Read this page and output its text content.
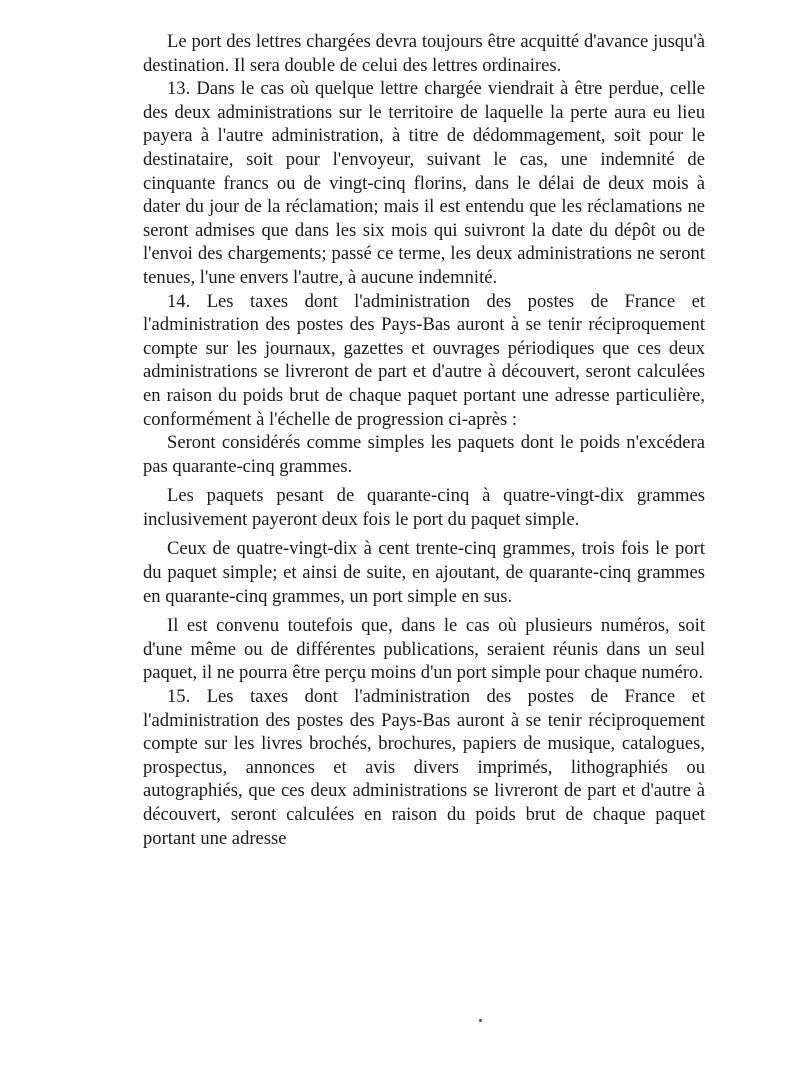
Le port des lettres chargées devra toujours être acquitté d'avance jusqu'à destination. Il sera double de celui des lettres ordinaires.

13. Dans le cas où quelque lettre chargée viendrait à être perdue, celle des deux administrations sur le territoire de laquelle la perte aura eu lieu payera à l'autre administration, à titre de dédommagement, soit pour le destinataire, soit pour l'envoyeur, suivant le cas, une indemnité de cinquante francs ou de vingt-cinq florins, dans le délai de deux mois à dater du jour de la réclamation; mais il est entendu que les réclamations ne seront admises que dans les six mois qui suivront la date du dépôt ou de l'envoi des chargements; passé ce terme, les deux administrations ne seront tenues, l'une envers l'autre, à aucune indemnité.

14. Les taxes dont l'administration des postes de France et l'administration des postes des Pays-Bas auront à se tenir réciproquement compte sur les journaux, gazettes et ouvrages périodiques que ces deux administrations se livreront de part et d'autre à découvert, seront calculées en raison du poids brut de chaque paquet portant une adresse particulière, conformément à l'échelle de progression ci-après :

Seront considérés comme simples les paquets dont le poids n'excédera pas quarante-cinq grammes.

Les paquets pesant de quarante-cinq à quatre-vingt-dix grammes inclusivement payeront deux fois le port du paquet simple.

Ceux de quatre-vingt-dix à cent trente-cinq grammes, trois fois le port du paquet simple; et ainsi de suite, en ajoutant, de quarante-cinq grammes en quarante-cinq grammes, un port simple en sus.

Il est convenu toutefois que, dans le cas où plusieurs numéros, soit d'une même ou de différentes publications, seraient réunis dans un seul paquet, il ne pourra être perçu moins d'un port simple pour chaque numéro.

15. Les taxes dont l'administration des postes de France et l'administration des postes des Pays-Bas auront à se tenir réciproquement compte sur les livres brochés, brochures, papiers de musique, catalogues, prospectus, annonces et avis divers imprimés, lithographiés ou autographiés, que ces deux administrations se livreront de part et d'autre à découvert, seront calculées en raison du poids brut de chaque paquet portant une adresse
